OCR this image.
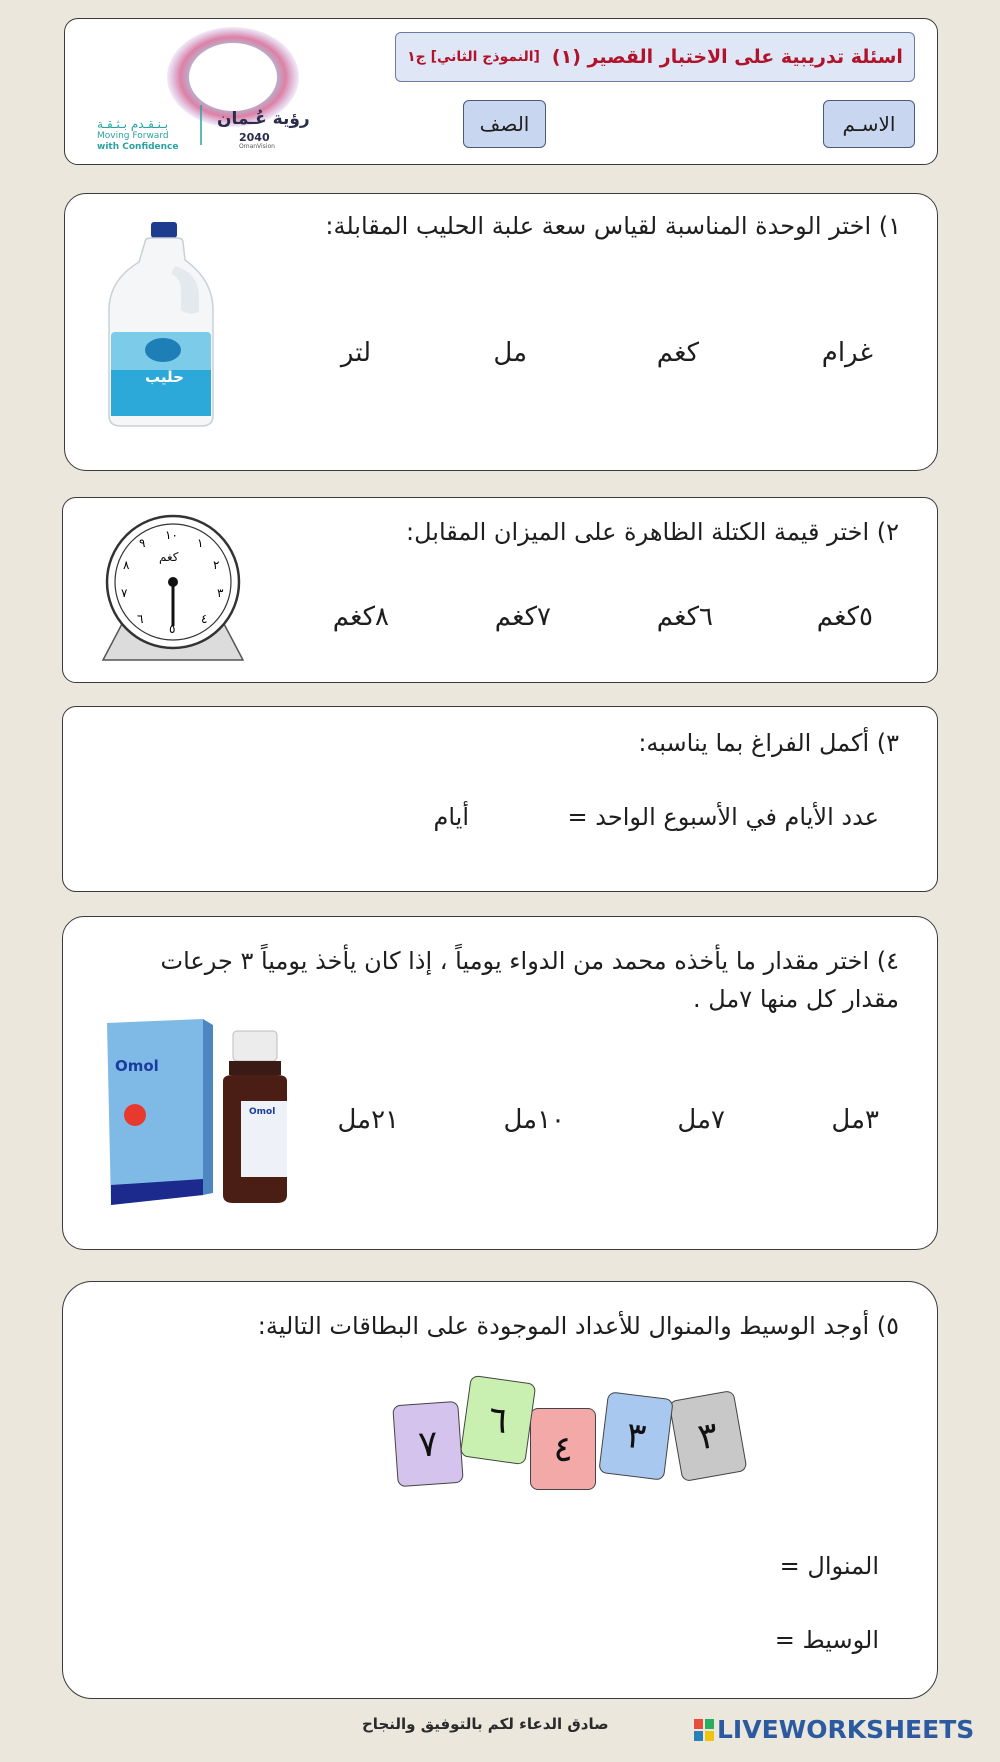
اسئلة تدريبية على الاختبار القصير (١)
[النموذج الثاني] ج١
الاسـم
الصف
رؤية عُـمان
2040
OmanVision
بـنـقـدم بـثـقـة
Moving Forward
with Confidence
١) اختر الوحدة المناسبة لقياس سعة علبة الحليب المقابلة:
غرام
كغم
مل
لتر
حليب
٢) اختر قيمة الكتلة الظاهرة على الميزان المقابل:
٥كغم
٦كغم
٧كغم
٨كغم
كغم
١٠
١
٢
٣
٤
٥
٦
٧
٨
٩
٣) أكمل الفراغ بما يناسبه:
عدد الأيام في الأسبوع الواحد =
أيام
٤) اختر مقدار ما يأخذه محمد من الدواء يومياً ، إذا كان يأخذ يومياً ٣ جرعات
مقدار كل منها ٧مل .
٣مل
٧مل
١٠مل
٢١مل
Omol
Omol
٥) أوجد الوسيط والمنوال للأعداد الموجودة على البطاقات التالية:
٣
٣
٤
٦
٧
المنوال =
الوسيط =
صادق الدعاء لكم بالتوفيق والنجاح	LIVEWORKSHEETS
